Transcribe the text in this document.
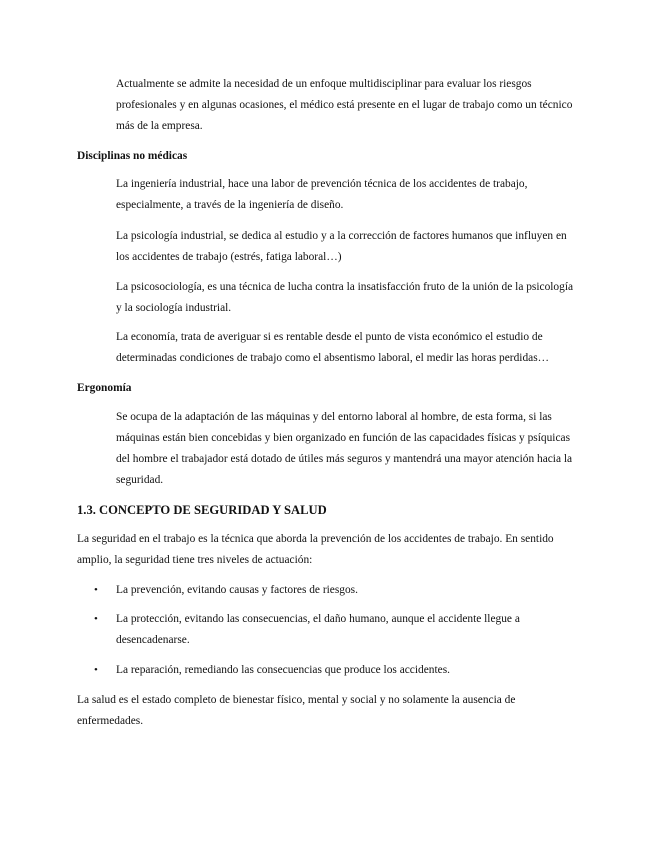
Actualmente se admite la necesidad de un enfoque multidisciplinar para evaluar los riesgos profesionales y en algunas ocasiones, el médico está presente en el lugar de trabajo como un técnico más de la empresa.

Disciplinas no médicas

La ingeniería industrial, hace una labor de prevención técnica de los accidentes de trabajo, especialmente, a través de la ingeniería de diseño.

La psicología industrial, se dedica al estudio y a la corrección de factores humanos que influyen en los accidentes de trabajo (estrés, fatiga laboral…)

La psicosociología, es una técnica de lucha contra la insatisfacción fruto de la unión de la psicología y la sociología industrial.

La economía, trata de averiguar si es rentable desde el punto de vista económico el estudio de determinadas condiciones de trabajo como el absentismo laboral, el medir las horas perdidas…

Ergonomía

Se ocupa de la adaptación de las máquinas y del entorno laboral al hombre, de esta forma, si las máquinas están bien concebidas y bien organizado en función de las capacidades físicas y psíquicas del hombre el trabajador está dotado de útiles más seguros y mantendrá una mayor atención hacia la seguridad.

1.3. CONCEPTO DE SEGURIDAD Y SALUD

La seguridad en el trabajo es la técnica que aborda la prevención de los accidentes de trabajo. En sentido amplio, la seguridad tiene tres niveles de actuación:

• La prevención, evitando causas y factores de riesgos.

• La protección, evitando las consecuencias, el daño humano, aunque el accidente llegue a desencadenarse.

• La reparación, remediando las consecuencias que produce los accidentes.

La salud es el estado completo de bienestar físico, mental y social y no solamente la ausencia de enfermedades.
